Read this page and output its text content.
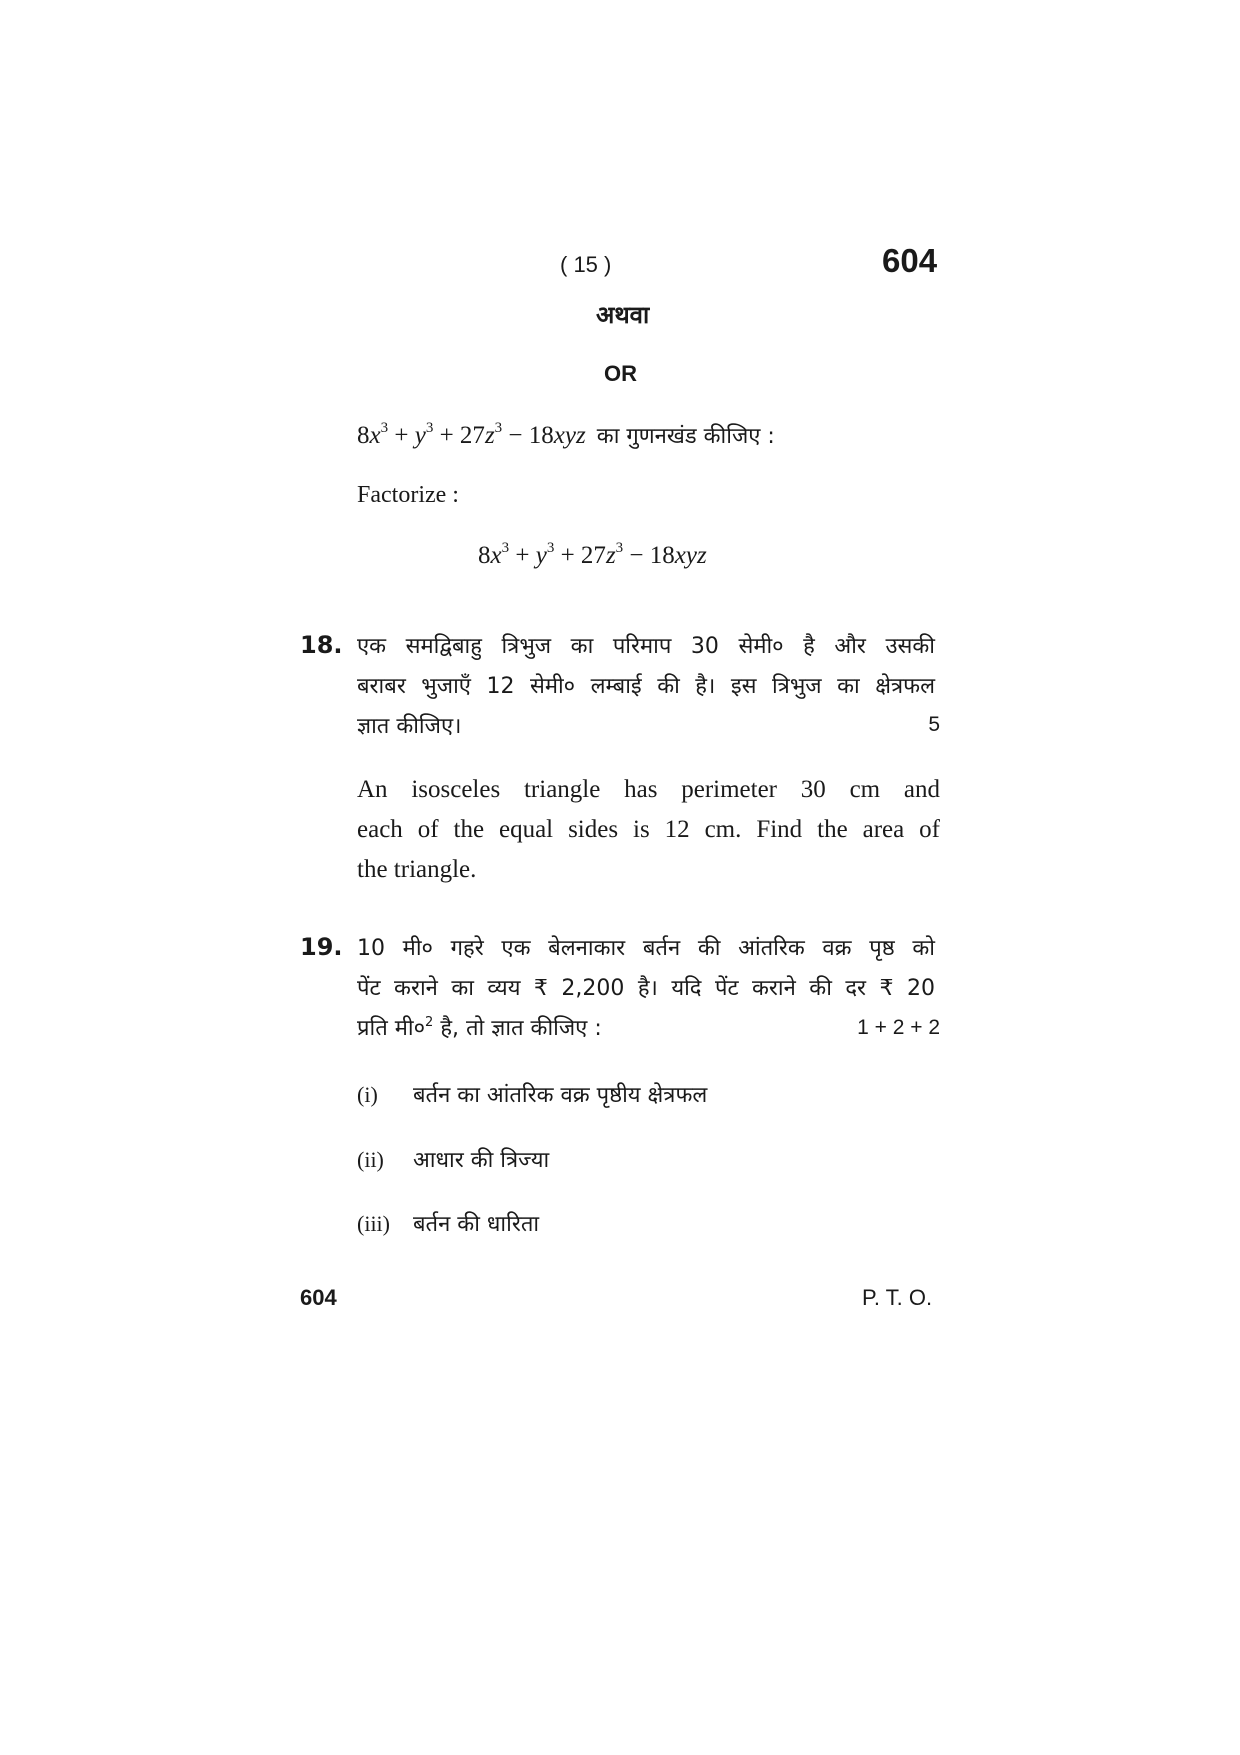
( 15 )	604
अथवा
OR
$8x^3 + y^3 + 27z^3 - 18xyz$ का गुणनखंड कीजिए :
Factorize :
$8x^3 + y^3 + 27z^3 - 18xyz$
18. एक समद्विबाहु त्रिभुज का परिमाप 30 सेमी० है और उसकी
बराबर भुजाएँ 12 सेमी० लम्बाई की है। इस त्रिभुज का क्षेत्रफल
ज्ञात कीजिए।	5
An isosceles triangle has perimeter 30 cm and
each of the equal sides is 12 cm. Find the area of
the triangle.
19. 10 मी० गहरे एक बेलनाकार बर्तन की आंतरिक वक्र पृष्ठ को
पेंट कराने का व्यय ₹ 2,200 है। यदि पेंट कराने की दर ₹ 20
प्रति $मी०^2$ है, तो ज्ञात कीजिए :	1 + 2 + 2
(i) बर्तन का आंतरिक वक्र पृष्ठीय क्षेत्रफल
(ii) आधार की त्रिज्या
(iii) बर्तन की धारिता
604	P. T. O.
